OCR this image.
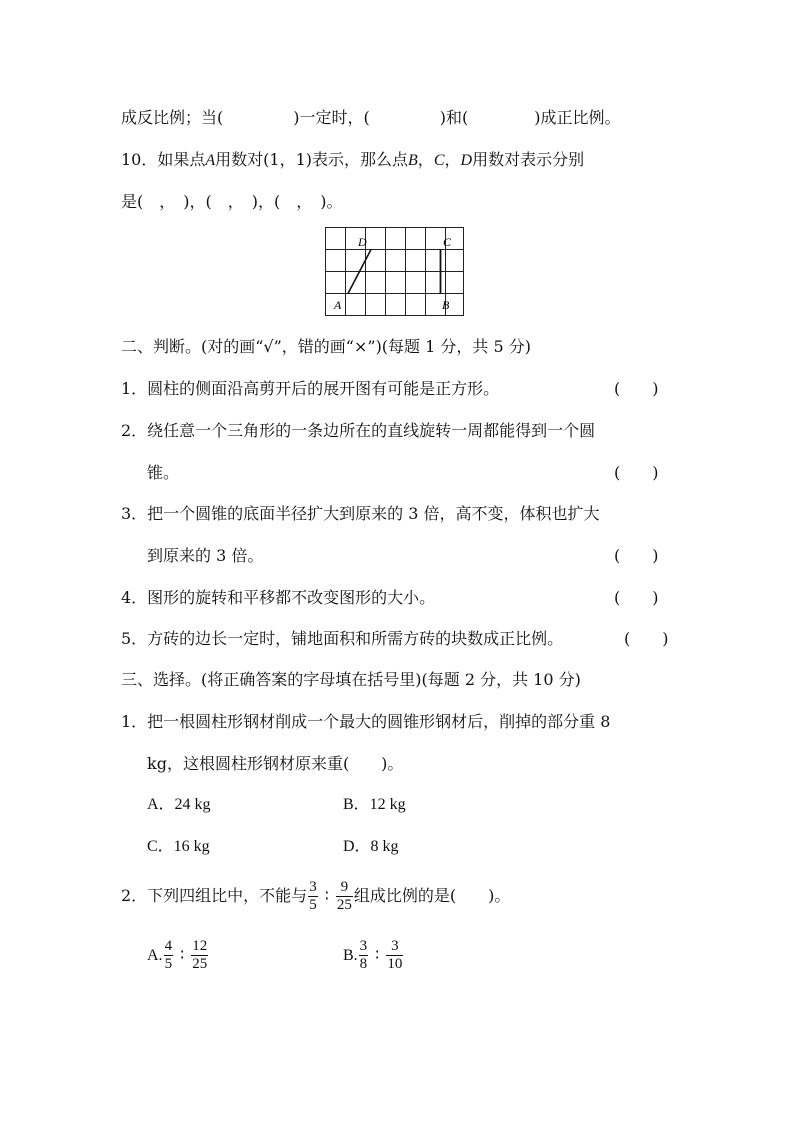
成反比例；当(	)一定时，(	)和(	)成正比例。
10．如果点A用数对(1，1)表示，那么点B，C，D用数对表示分别
是(　，　)，(　，　)，(　，　)。
D	C
A	B
二、判断。(对的画“√”，错的画“×”)(每题 1 分，共 5 分)
1．圆柱的侧面沿高剪开后的展开图有可能是正方形。	(　　)
2．绕任意一个三角形的一条边所在的直线旋转一周都能得到一个圆
锥。	(　　)
3．把一个圆锥的底面半径扩大到原来的 3 倍，高不变，体积也扩大
到原来的 3 倍。	(　　)
4．图形的旋转和平移都不改变图形的大小。	(　　)
5．方砖的边长一定时，铺地面积和所需方砖的块数成正比例。	(　　)
三、选择。(将正确答案的字母填在括号里)(每题 2 分，共 10 分)
1．把一根圆柱形钢材削成一个最大的圆锥形钢材后，削掉的部分重 8
kg，这根圆柱形钢材原来重(　　)。
A．24 kg	B．12 kg
C．16 kg	D．8 kg
2．下列四组比中，不能与 $\frac{3}{5}$ ∶ $\frac{9}{25}$ 组成比例的是(　　)。
A. $\frac{4}{5}$ ∶ $\frac{12}{25}$	B. $\frac{3}{8}$ ∶ $\frac{3}{10}$
